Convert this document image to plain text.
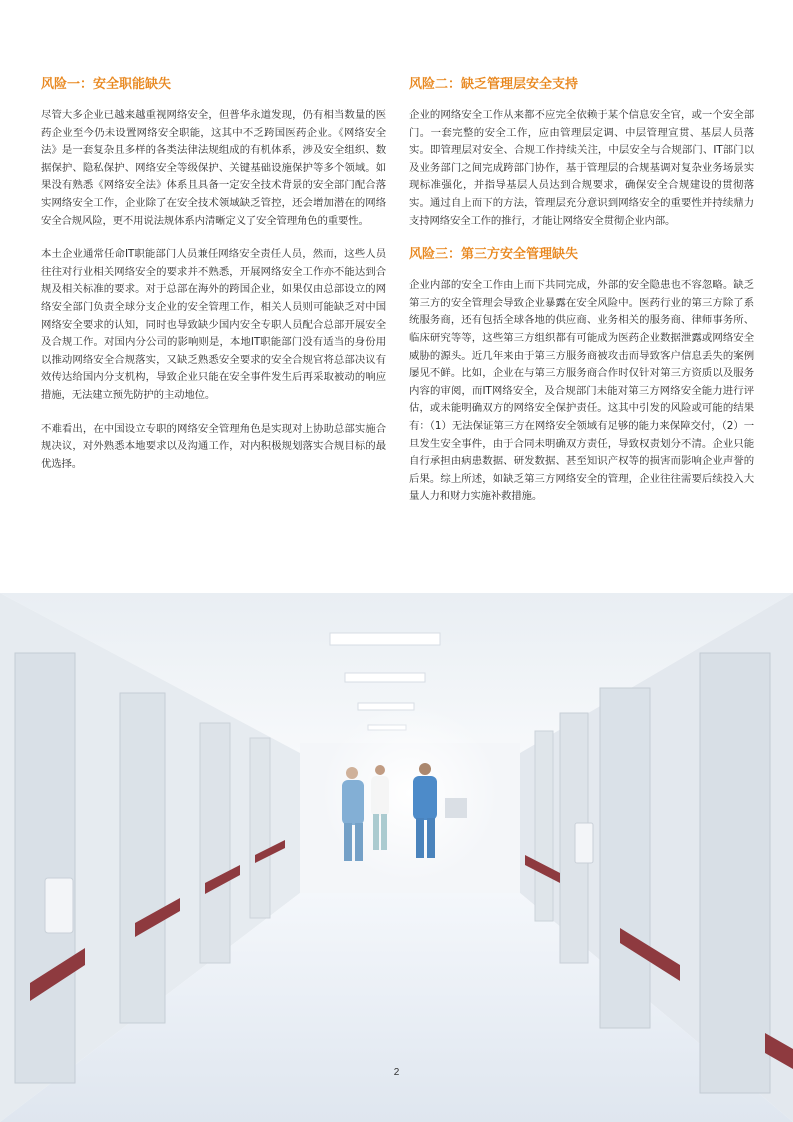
风险一：安全职能缺失

尽管大多企业已越来越重视网络安全，但普华永道发现，仍有相当数量的医药企业至今仍未设置网络安全职能，这其中不乏跨国医药企业。《网络安全法》是一套复杂且多样的各类法律法规组成的有机体系，涉及安全组织、数据保护、隐私保护、网络安全等级保护、关键基础设施保护等多个领域。如果没有熟悉《网络安全法》体系且具备一定安全技术背景的安全部门配合落实网络安全工作，企业除了在安全技术领域缺乏管控，还会增加潜在的网络安全合规风险，更不用说法规体系内清晰定义了安全管理角色的重要性。

本土企业通常任命IT职能部门人员兼任网络安全责任人员，然而，这些人员往往对行业相关网络安全的要求并不熟悉，开展网络安全工作亦不能达到合规及相关标准的要求。对于总部在海外的跨国企业，如果仅由总部设立的网络安全部门负责全球分支企业的安全管理工作，相关人员则可能缺乏对中国网络安全要求的认知，同时也导致缺少国内安全专职人员配合总部开展安全及合规工作。对国内分公司的影响则是，本地IT职能部门没有适当的身份用以推动网络安全合规落实，又缺乏熟悉安全要求的安全合规官将总部决议有效传达给国内分支机构，导致企业只能在安全事件发生后再采取被动的响应措施，无法建立预先防护的主动地位。

不难看出，在中国设立专职的网络安全管理角色是实现对上协助总部实施合规决议，对外熟悉本地要求以及沟通工作，对内积极规划落实合规目标的最优选择。

风险二：缺乏管理层安全支持

企业的网络安全工作从来都不应完全依赖于某个信息安全官，或一个安全部门。一套完整的安全工作，应由管理层定调、中层管理宣贯、基层人员落实。即管理层对安全、合规工作持续关注，中层安全与合规部门、IT部门以及业务部门之间完成跨部门协作，基于管理层的合规基调对复杂业务场景实现标准强化，并指导基层人员达到合规要求，确保安全合规建设的贯彻落实。通过自上而下的方法，管理层充分意识到网络安全的重要性并持续鼎力支持网络安全工作的推行，才能让网络安全贯彻企业内部。

风险三：第三方安全管理缺失

企业内部的安全工作由上而下共同完成，外部的安全隐患也不容忽略。缺乏第三方的安全管理会导致企业暴露在安全风险中。医药行业的第三方除了系统服务商，还有包括全球各地的供应商、业务相关的服务商、律师事务所、临床研究等等，这些第三方组织都有可能成为医药企业数据泄露或网络安全威胁的源头。近几年来由于第三方服务商被攻击而导致客户信息丢失的案例屡见不鲜。比如，企业在与第三方服务商合作时仅针对第三方资质以及服务内容的审阅，而IT网络安全，及合规部门未能对第三方网络安全能力进行评估，或未能明确双方的网络安全保护责任。这其中引发的风险或可能的结果有：（1）无法保证第三方在网络安全领域有足够的能力来保障交付，（2）一旦发生安全事件，由于合同未明确双方责任，导致权责划分不清。企业只能自行承担由病患数据、研发数据、甚至知识产权等的损害而影响企业声誉的后果。综上所述，如缺乏第三方网络安全的管理，企业往往需要后续投入大量人力和财力实施补救措施。

2
